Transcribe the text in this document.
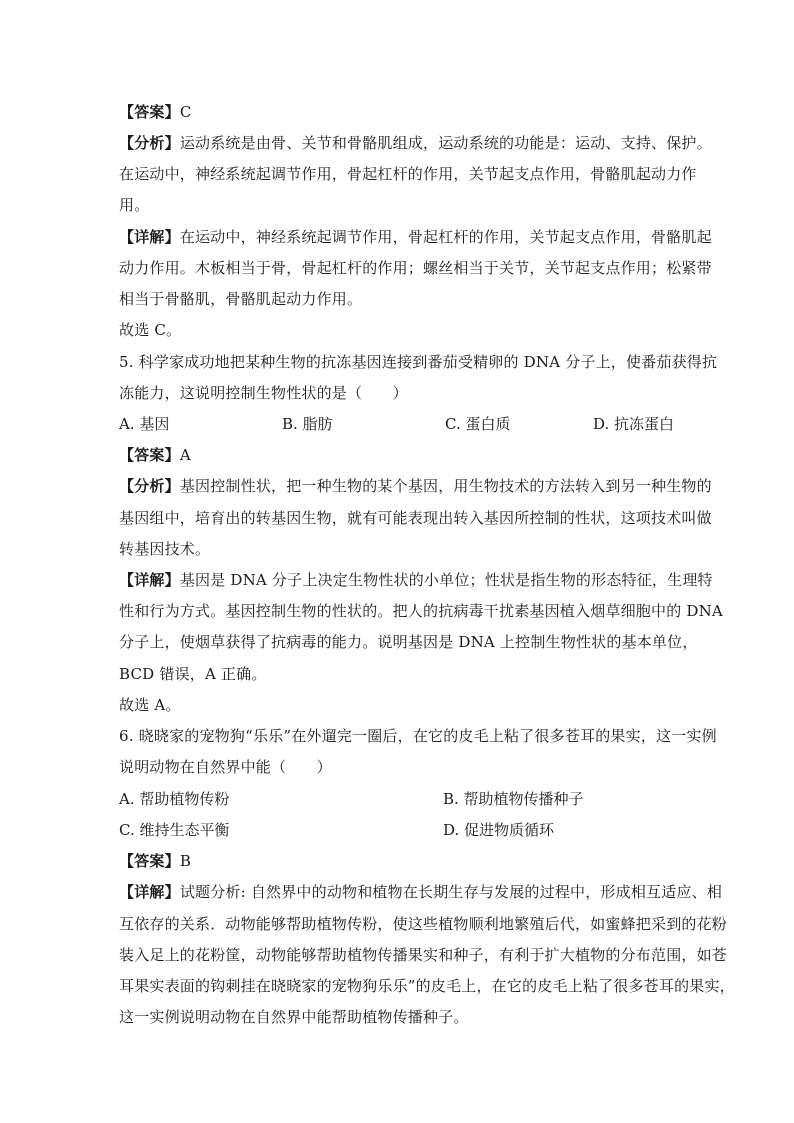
【答案】C
【分析】运动系统是由骨、关节和骨骼肌组成，运动系统的功能是：运动、支持、保护。
在运动中，神经系统起调节作用，骨起杠杆的作用，关节起支点作用，骨骼肌起动力作
用。
【详解】在运动中，神经系统起调节作用，骨起杠杆的作用，关节起支点作用，骨骼肌起
动力作用。木板相当于骨，骨起杠杆的作用；螺丝相当于关节，关节起支点作用；松紧带
相当于骨骼肌，骨骼肌起动力作用。
故选 C。
5. 科学家成功地把某种生物的抗冻基因连接到番茄受精卵的 DNA 分子上，使番茄获得抗
冻能力，这说明控制生物性状的是（　　）
A. 基因	B. 脂肪	C. 蛋白质	D. 抗冻蛋白
【答案】A
【分析】基因控制性状，把一种生物的某个基因，用生物技术的方法转入到另一种生物的
基因组中，培育出的转基因生物，就有可能表现出转入基因所控制的性状，这项技术叫做
转基因技术。
【详解】基因是 DNA 分子上决定生物性状的小单位；性状是指生物的形态特征，生理特
性和行为方式。基因控制生物的性状的。把人的抗病毒干扰素基因植入烟草细胞中的 DNA
分子上，使烟草获得了抗病毒的能力。说明基因是 DNA 上控制生物性状的基本单位，
BCD 错误，A 正确。
故选 A。
6. 晓晓家的宠物狗“乐乐”在外遛完一圈后，在它的皮毛上粘了很多苍耳的果实，这一实例
说明动物在自然界中能（　　）
A. 帮助植物传粉	B. 帮助植物传播种子
C. 维持生态平衡	D. 促进物质循环
【答案】B
【详解】试题分析: 自然界中的动物和植物在长期生存与发展的过程中，形成相互适应、相
互依存的关系．动物能够帮助植物传粉，使这些植物顺利地繁殖后代，如蜜蜂把采到的花粉
装入足上的花粉筐，动物能够帮助植物传播果实和种子，有利于扩大植物的分布范围，如苍
耳果实表面的钩刺挂在晓晓家的宠物狗乐乐”的皮毛上，在它的皮毛上粘了很多苍耳的果实，
这一实例说明动物在自然界中能帮助植物传播种子。
